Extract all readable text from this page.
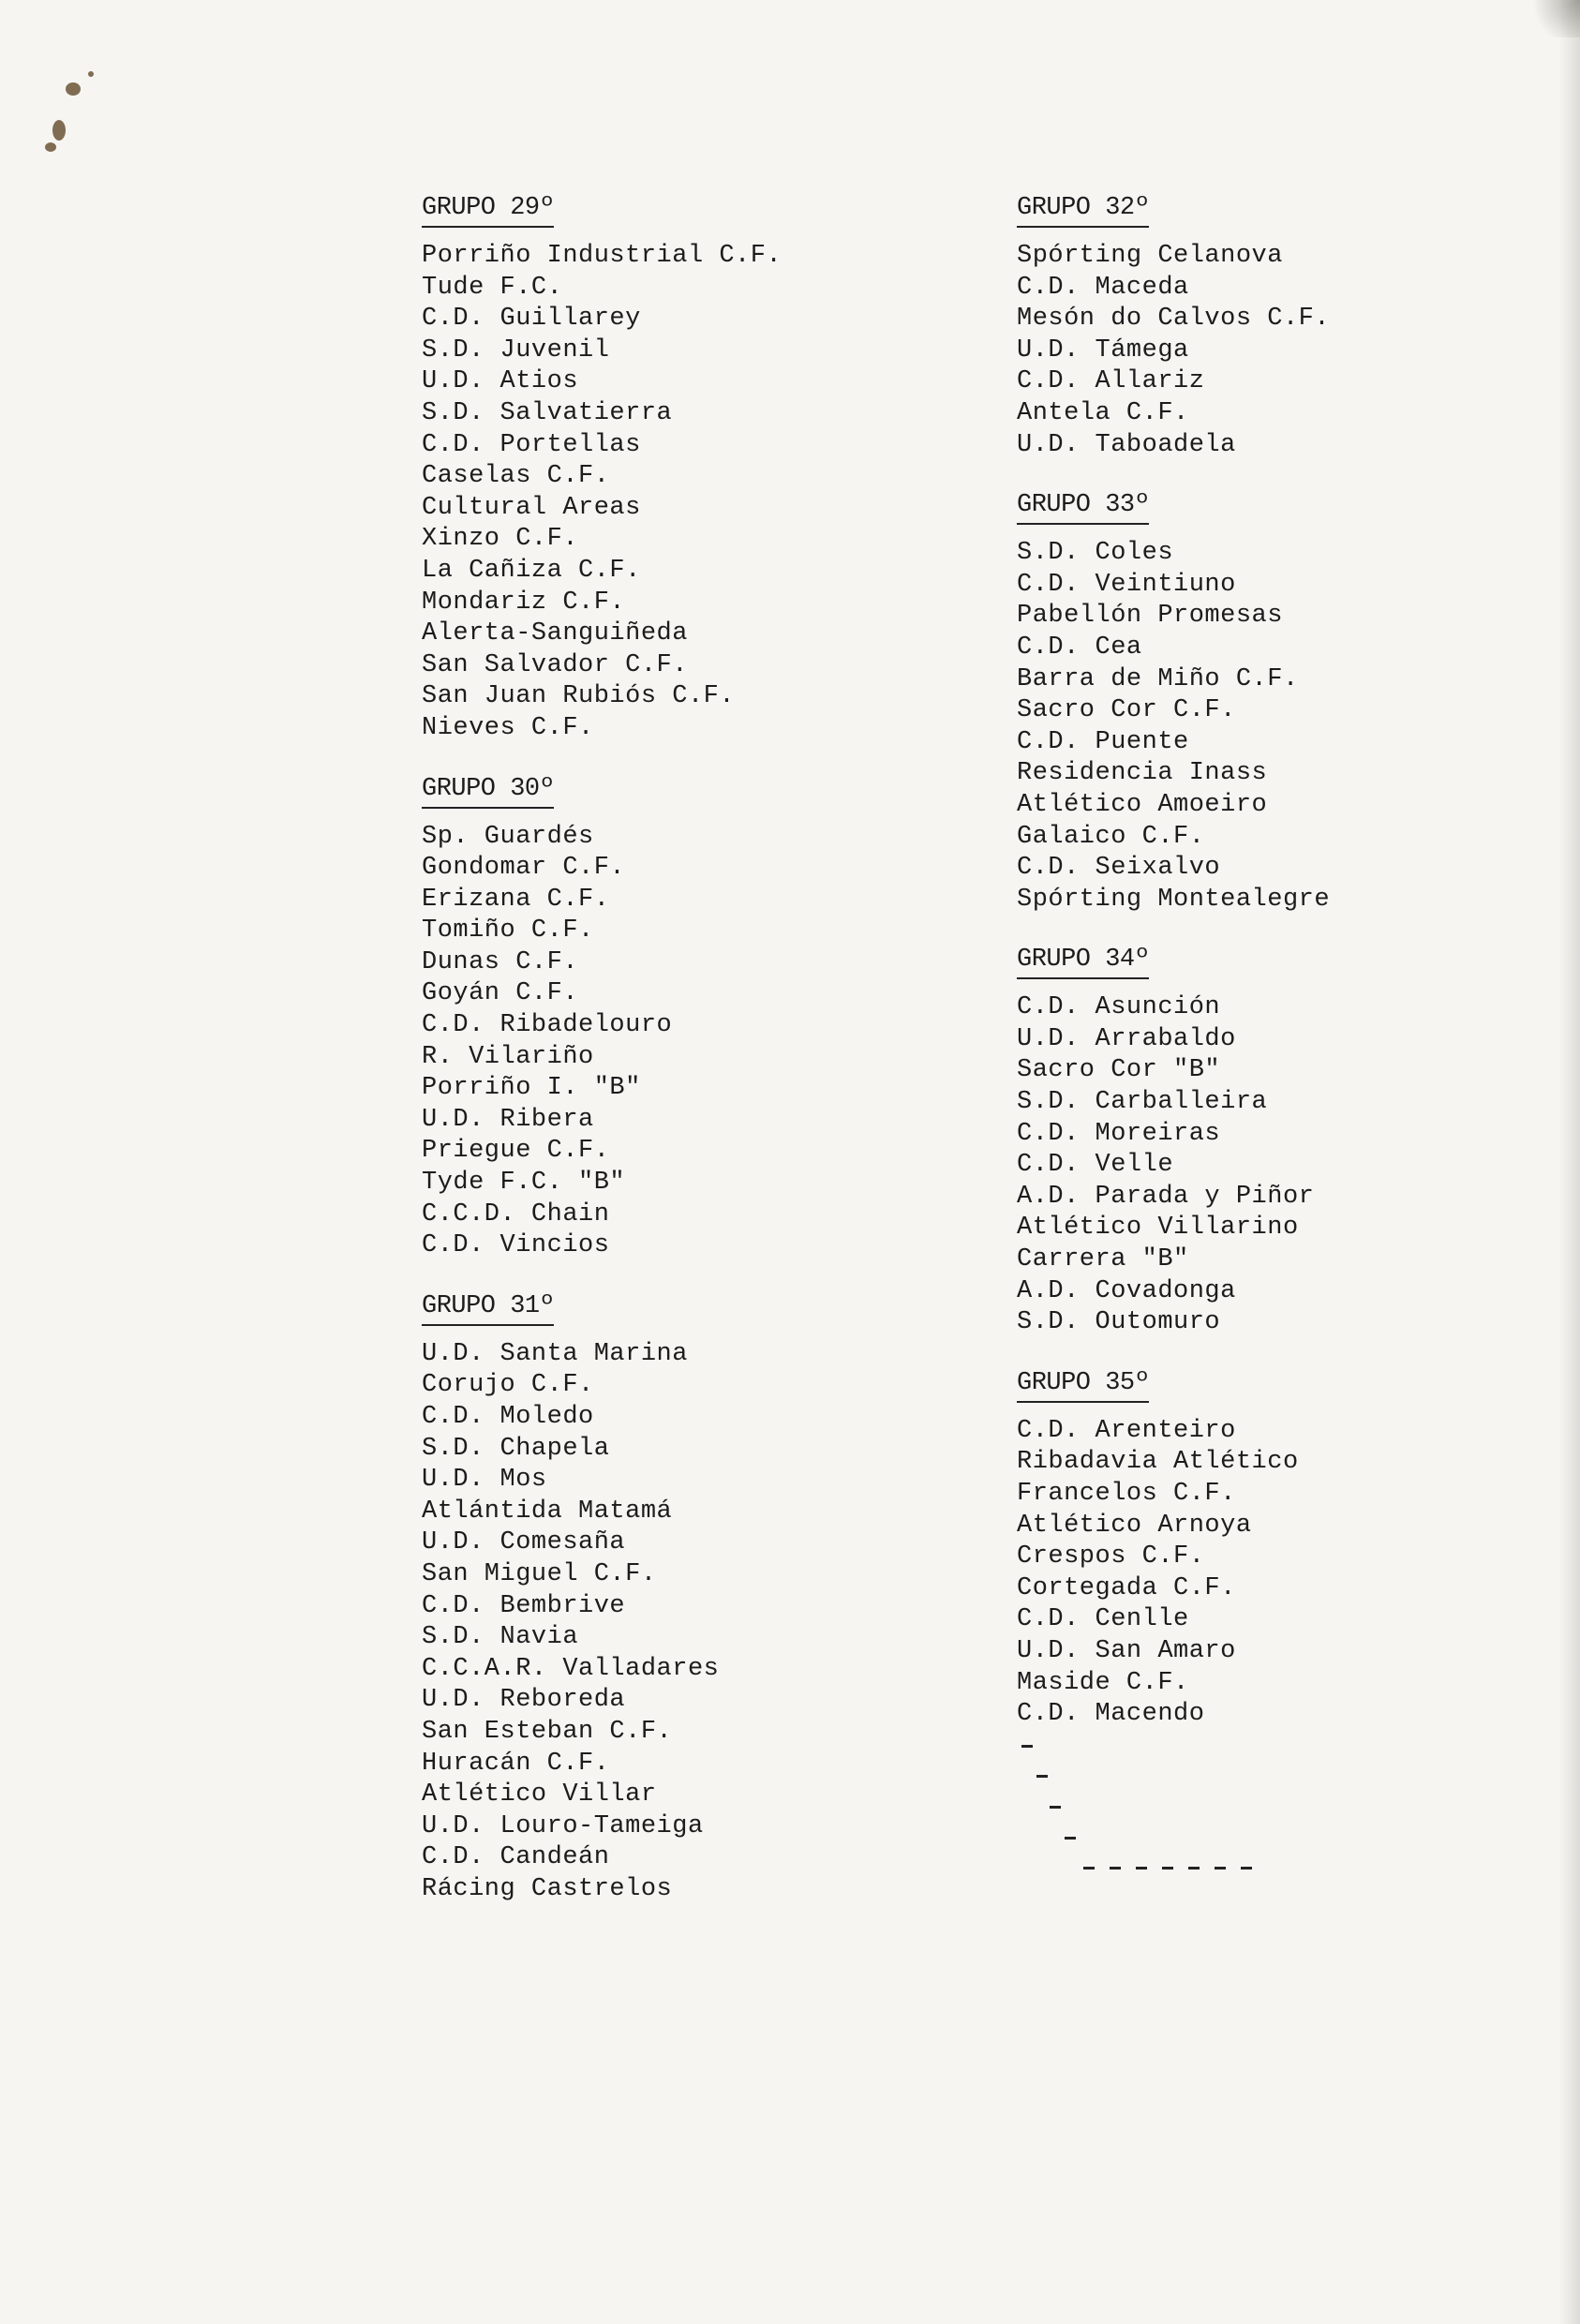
GRUPO 29º
Porriño Industrial C.F.
Tude F.C.
C.D. Guillarey
S.D. Juvenil
U.D. Atios
S.D. Salvatierra
C.D. Portellas
Caselas C.F.
Cultural Areas
Xinzo C.F.
La Cañiza C.F.
Mondariz C.F.
Alerta-Sanguiñeda
San Salvador C.F.
San Juan Rubiós C.F.
Nieves C.F.
GRUPO 30º
Sp. Guardés
Gondomar C.F.
Erizana C.F.
Tomiño C.F.
Dunas C.F.
Goyán C.F.
C.D. Ribadelouro
R. Vilariño
Porriño I. "B"
U.D. Ribera
Priegue C.F.
Tyde F.C. "B"
C.C.D. Chain
C.D. Vincios
GRUPO 31º
U.D. Santa Marina
Corujo C.F.
C.D. Moledo
S.D. Chapela
U.D. Mos
Atlántida Matamá
U.D. Comesaña
San Miguel C.F.
C.D. Bembrive
S.D. Navia
C.C.A.R. Valladares
U.D. Reboreda
San Esteban C.F.
Huracán C.F.
Atlético Villar
U.D. Louro-Tameiga
C.D. Candeán
Rácing Castrelos
GRUPO 32º
Spórting Celanova
C.D. Maceda
Mesón do Calvos C.F.
U.D. Támega
C.D. Allariz
Antela C.F.
U.D. Taboadela
GRUPO 33º
S.D. Coles
C.D. Veintiuno
Pabellón Promesas
C.D. Cea
Barra de Miño C.F.
Sacro Cor C.F.
C.D. Puente
Residencia Inass
Atlético Amoeiro
Galaico C.F.
C.D. Seixalvo
Spórting Montealegre
GRUPO 34º
C.D. Asunción
U.D. Arrabaldo
Sacro Cor "B"
S.D. Carballeira
C.D. Moreiras
C.D. Velle
A.D. Parada y Piñor
Atlético Villarino
Carrera "B"
A.D. Covadonga
S.D. Outomuro
GRUPO 35º
C.D. Arenteiro
Ribadavia Atlético
Francelos C.F.
Atlético Arnoya
Crespos C.F.
Cortegada C.F.
C.D. Cenlle
U.D. San Amaro
Maside C.F.
C.D. Macendo
